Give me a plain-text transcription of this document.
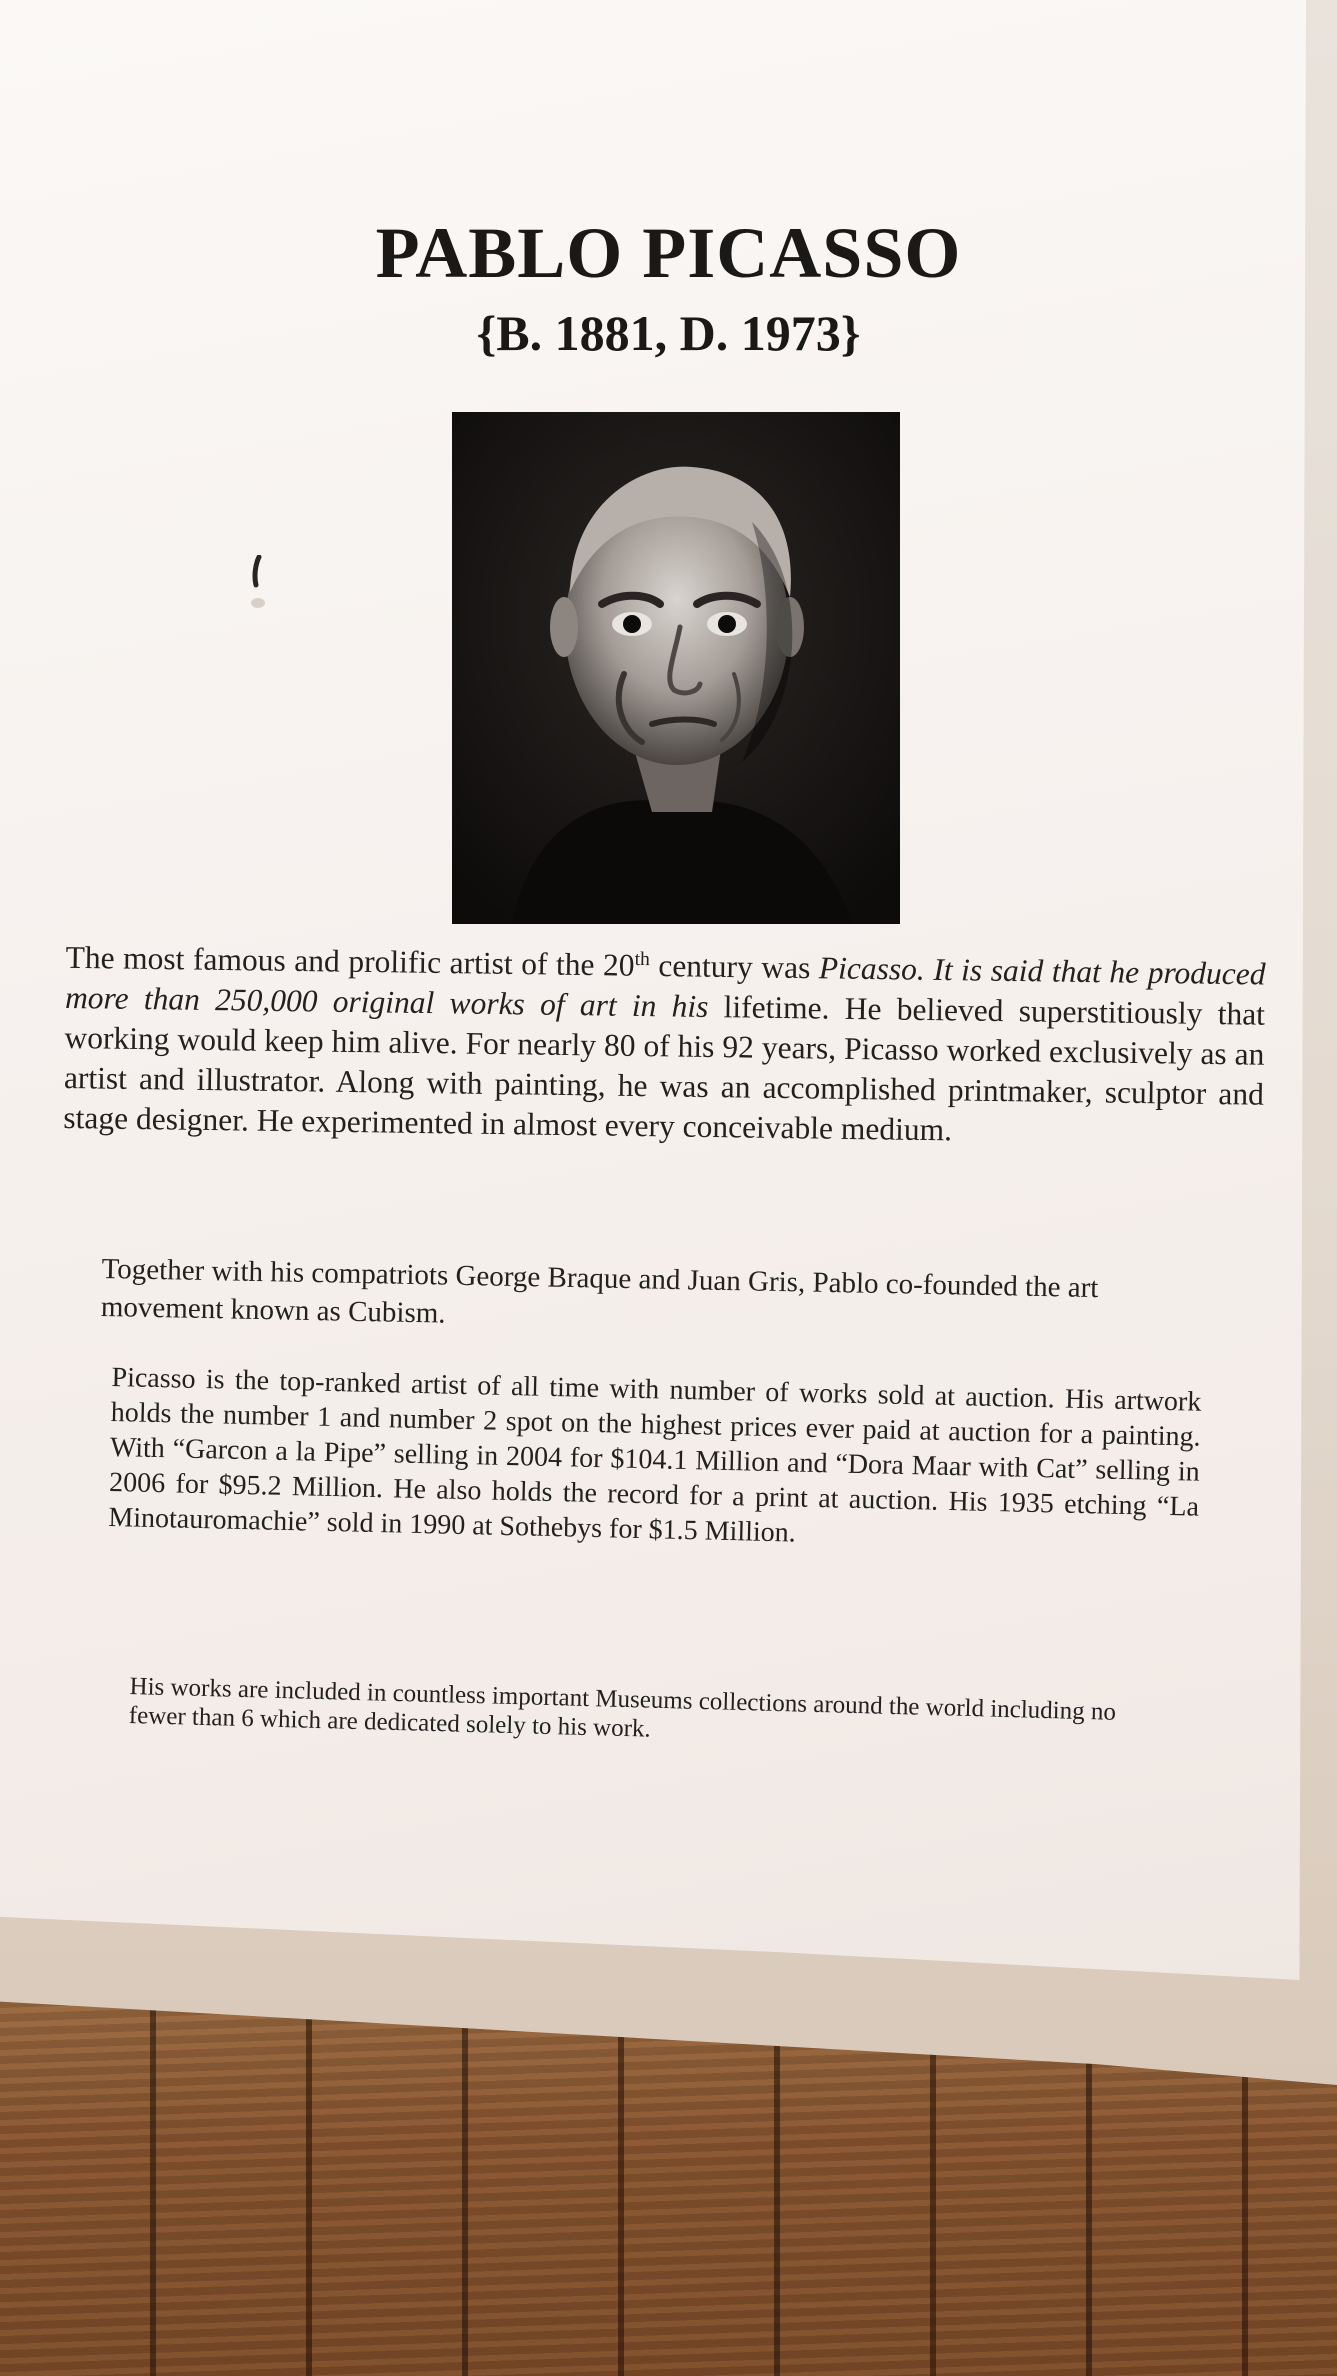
PABLO PICASSO
{B. 1881, D. 1973}

The most famous and prolific artist of the 20th century was Picasso. It is said that he produced more than 250,000 original works of art in his lifetime. He believed superstitiously that working would keep him alive. For nearly 80 of his 92 years, Picasso worked exclusively as an artist and illustrator. Along with painting, he was an accomplished printmaker, sculptor and stage designer. He experimented in almost every conceivable medium.

Together with his compatriots George Braque and Juan Gris, Pablo co-founded the art movement known as Cubism.

Picasso is the top-ranked artist of all time with number of works sold at auction. His artwork holds the number 1 and number 2 spot on the highest prices ever paid at auction for a painting. With “Garcon a la Pipe” selling in 2004 for $104.1 Million and “Dora Maar with Cat” selling in 2006 for $95.2 Million. He also holds the record for a print at auction. His 1935 etching “La Minotauromachie” sold in 1990 at Sothebys for $1.5 Million.

His works are included in countless important Museums collections around the world including no fewer than 6 which are dedicated solely to his work.
